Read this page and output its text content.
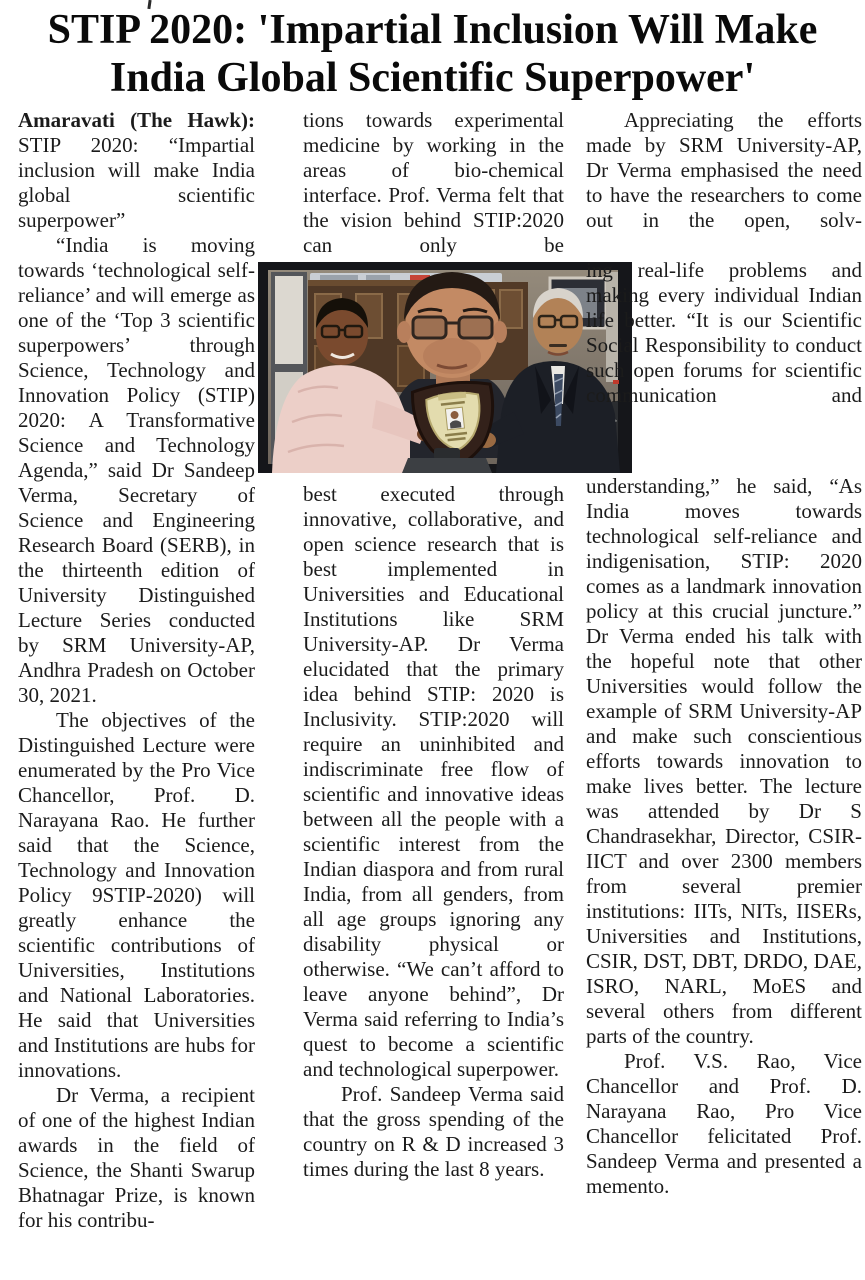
STIP 2020: 'Impartial Inclusion Will Make
India Global Scientific Superpower'

Amaravati (The Hawk): STIP 2020: “Impartial inclusion will make India global scientific superpower”

“India is moving towards ‘technological self-reliance’ and will emerge as one of the ‘Top 3 scientific superpowers’ through Science, Technology and Innovation Policy (STIP) 2020: A Transformative Science and Technology Agenda,” said Dr Sandeep Verma, Secretary of Science and Engineering Research Board (SERB), in the thirteenth edition of University Distinguished Lecture Series conducted by SRM University-AP, Andhra Pradesh on October 30, 2021.

The objectives of the Distinguished Lecture were enumerated by the Pro Vice Chancellor, Prof. D. Narayana Rao. He further said that the Science, Technology and Innovation Policy 9STIP-2020) will greatly enhance the scientific contributions of Universities, Institutions and National Laboratories. He said that Universities and Institutions are hubs for innovations.

Dr Verma, a recipient of one of the highest Indian awards in the field of Science, the Shanti Swarup Bhatnagar Prize, is known for his contribu-

tions towards experimental medicine by working in the areas of bio-chemical interface. Prof. Verma felt that the vision behind STIP:2020 can only be

best executed through innovative, collaborative, and open science research that is best implemented in Universities and Educational Institutions like SRM University-AP. Dr Verma elucidated that the primary idea behind STIP: 2020 is Inclusivity. STIP:2020 will require an uninhibited and indiscriminate free flow of scientific and innovative ideas between all the people with a scientific interest from the Indian diaspora and from rural India, from all genders, from all age groups ignoring any disability physical or otherwise. “We can’t afford to leave anyone behind”, Dr Verma said referring to India’s quest to become a scientific and technological superpower.

Prof. Sandeep Verma said that the gross spending of the country on R & D increased 3 times during the last 8 years.

Appreciating the efforts made by SRM University-AP, Dr Verma emphasised the need to have the researchers to come out in the open, solv-

ing real-life problems and making every individual Indian life better. “It is our Scientific Social Responsibility to conduct such open forums for scientific communication and

understanding,” he said, “As India moves towards technological self-reliance and indigenisation, STIP: 2020 comes as a landmark innovation policy at this crucial juncture.” Dr Verma ended his talk with the hopeful note that other Universities would follow the example of SRM University-AP and make such conscientious efforts towards innovation to make lives better. The lecture was attended by Dr S Chandrasekhar, Director, CSIR-IICT and over 2300 members from several premier institutions: IITs, NITs, IISERs, Universities and Institutions, CSIR, DST, DBT, DRDO, DAE, ISRO, NARL, MoES and several others from different parts of the country.

Prof. V.S. Rao, Vice Chancellor and Prof. D. Narayana Rao, Pro Vice Chancellor felicitated Prof. Sandeep Verma and presented a memento.
